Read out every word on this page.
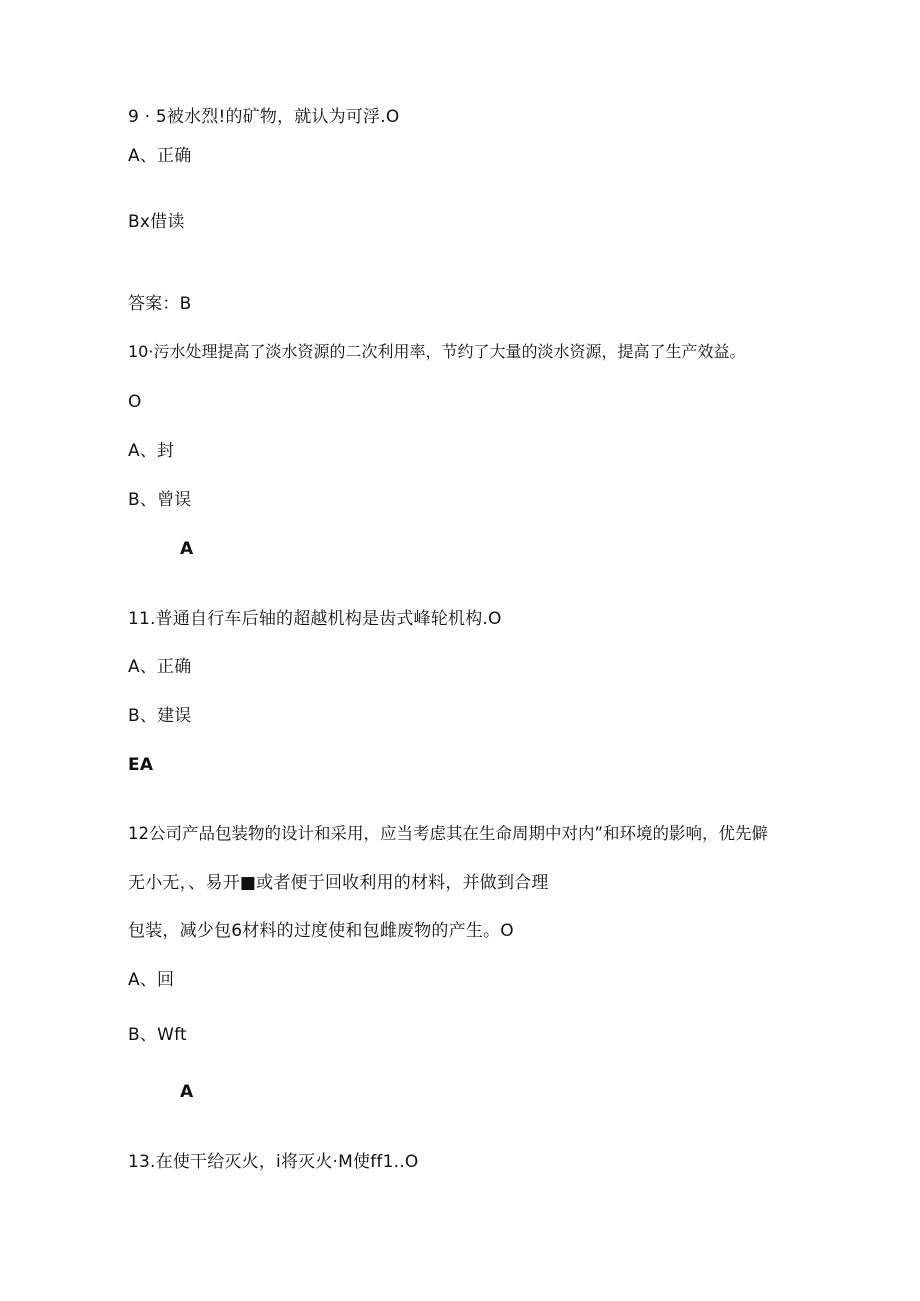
9 · 5被水烈!的矿物，就认为可浮.O
A、正确
Bx借读
答案：B
10·污水处理提高了淡水资源的二次利用率，节约了大量的淡水资源，提高了生产效益。
O
A、封
B、曾误
A
11.普通自行车后轴的超越机构是齿式峰轮机构.O
A、正确
B、建误
EA
12公司产品包装物的设计和采用，应当考虑其在生命周期中对内”和环境的影响，优先僻
无小无，、易开■或者便于回收利用的材料，并做到合理
包装，减少包6材料的过度使和包雌废物的产生。O
A、回
B、Wft
A
13.在使干给灭火，i将灭火·M使ff1..O
